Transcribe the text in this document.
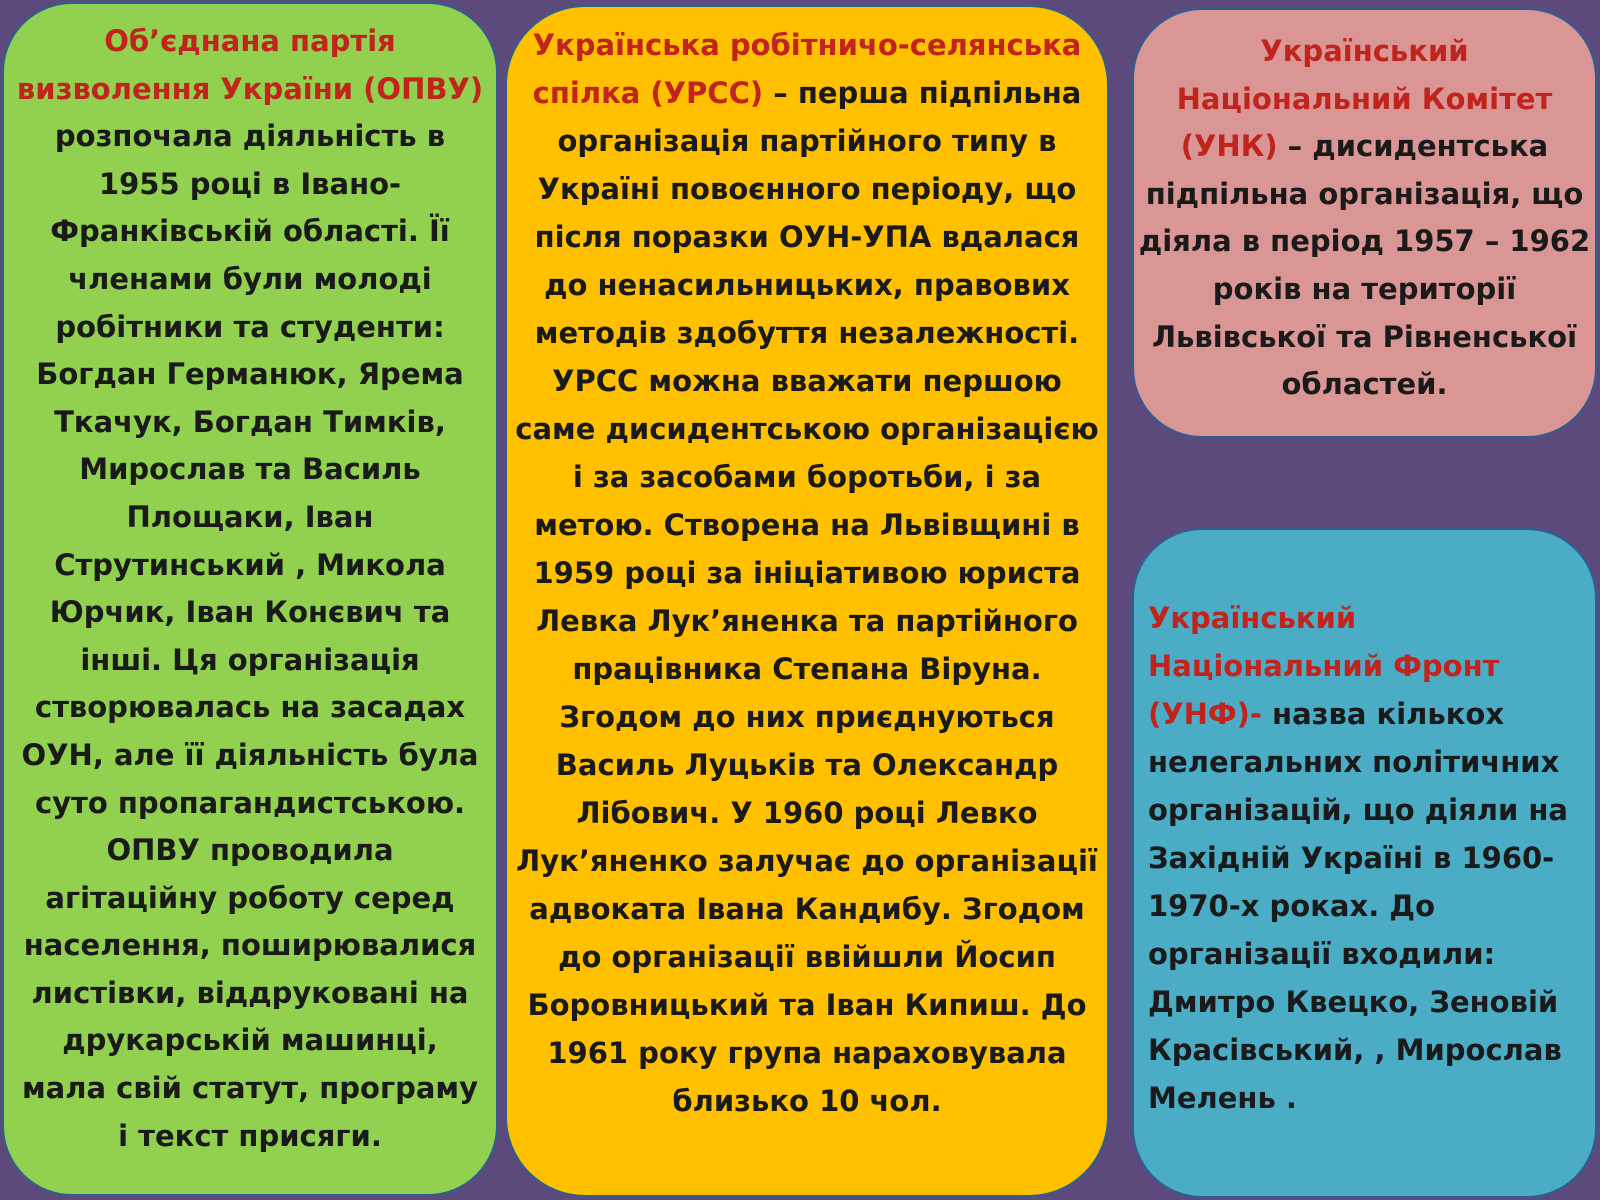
Об’єднана партія визволення України (ОПВУ) розпочала діяльність в 1955 році в Івано-Франківській області. Її членами були молоді робітники та студенти: Богдан Германюк, Ярема Ткачук, Богдан Тимків, Мирослав та Василь Площаки, Іван Струтинський , Микола Юрчик, Іван Конєвич та інші. Ця організація створювалась на засадах ОУН, але її діяльність була суто пропагандистською. ОПВУ проводила агітаційну роботу серед населення, поширювалися листівки, віддруковані на друкарській машинці, мала свій статут, програму і текст присяги.

Українська робітничо-селянська спілка (УРСС) – перша підпільна організація партійного типу в Україні повоєнного періоду, що після поразки ОУН-УПА вдалася до ненасильницьких, правових методів здобуття незалежності. УРСС можна вважати першою саме дисидентською організацією і за засобами боротьби, і за метою. Створена на Львівщині в 1959 році за ініціативою юриста Левка Лук’яненка та партійного працівника Степана Віруна. Згодом до них приєднуються Василь Луцьків та Олександр Лібович. У 1960 році Левко Лук’яненко залучає до організації адвоката Івана Кандибу. Згодом до організації ввійшли Йосип Боровницький та Іван Кипиш. До 1961 року група нараховувала близько 10 чол.

Український Національний Комітет (УНК) – дисидентська підпільна організація, що діяла в період 1957 – 1962 років на території Львівської та Рівненської областей.

Український Національний Фронт (УНФ)- назва кількох нелегальних політичних організацій, що діяли на Західній Україні в 1960-1970-х роках. До організації входили: Дмитро Квецко, Зеновій Красівський, , Мирослав Мелень .
